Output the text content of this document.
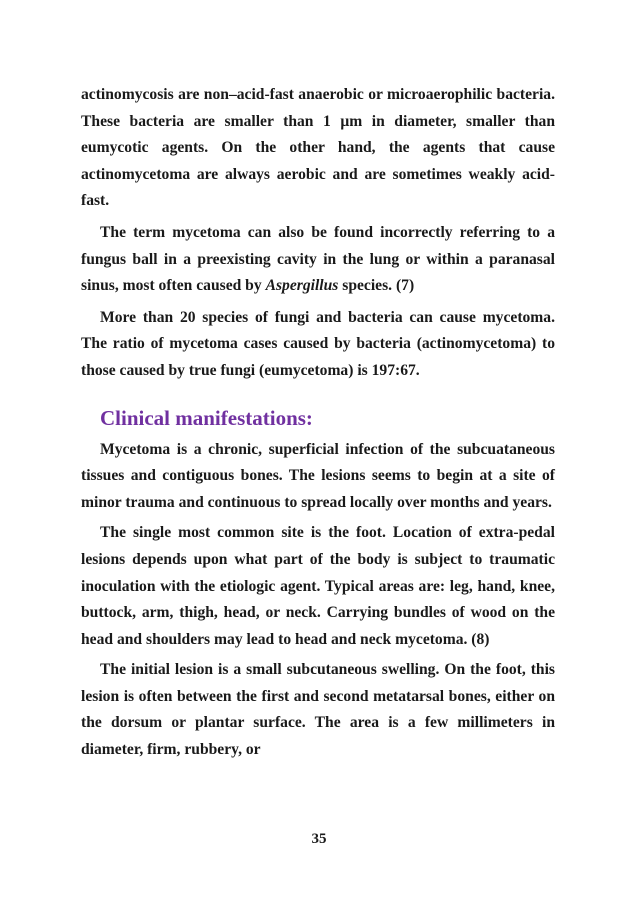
actinomycosis are non–acid-fast anaerobic or microaerophilic bacteria. These bacteria are smaller than 1 μm in diameter, smaller than eumycotic agents. On the other hand, the agents that cause actinomycetoma are always aerobic and are sometimes weakly acid-fast.

The term mycetoma can also be found incorrectly referring to a fungus ball in a preexisting cavity in the lung or within a paranasal sinus, most often caused by Aspergillus species. (7)

More than 20 species of fungi and bacteria can cause mycetoma. The ratio of mycetoma cases caused by bacteria (actinomycetoma) to those caused by true fungi (eumycetoma) is 197:67.

Clinical manifestations:

Mycetoma is a chronic, superficial infection of the subcuataneous tissues and contiguous bones. The lesions seems to begin at a site of minor trauma and continuous to spread locally over months and years.

The single most common site is the foot. Location of extra-pedal lesions depends upon what part of the body is subject to traumatic inoculation with the etiologic agent. Typical areas are: leg, hand, knee, buttock, arm, thigh, head, or neck. Carrying bundles of wood on the head and shoulders may lead to head and neck mycetoma. (8)

The initial lesion is a small subcutaneous swelling. On the foot, this lesion is often between the first and second metatarsal bones, either on the dorsum or plantar surface. The area is a few millimeters in diameter, firm, rubbery, or

35
